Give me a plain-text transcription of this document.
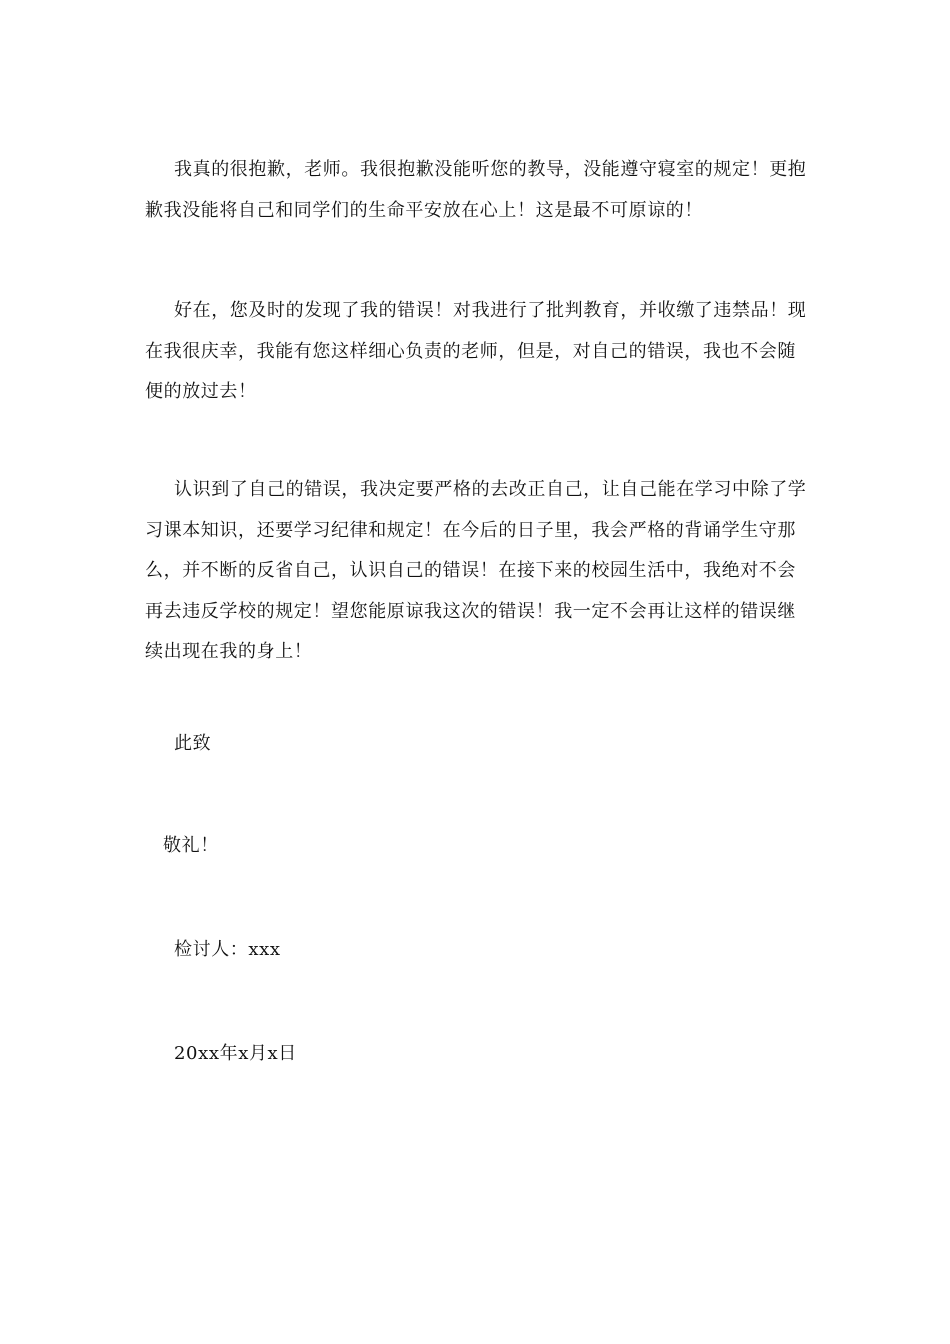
我真的很抱歉，老师。我很抱歉没能听您的教导，没能遵守寝室的规定！更抱歉我没能将自己和同学们的生命平安放在心上！这是最不可原谅的！

好在，您及时的发现了我的错误！对我进行了批判教育，并收缴了违禁品！现在我很庆幸，我能有您这样细心负责的老师，但是，对自己的错误，我也不会随便的放过去！

认识到了自己的错误，我决定要严格的去改正自己，让自己能在学习中除了学习课本知识，还要学习纪律和规定！在今后的日子里，我会严格的背诵学生守那么，并不断的反省自己，认识自己的错误！在接下来的校园生活中，我绝对不会再去违反学校的规定！望您能原谅我这次的错误！我一定不会再让这样的错误继续出现在我的身上！

此致

敬礼！

检讨人：xxx

20xx年x月x日
